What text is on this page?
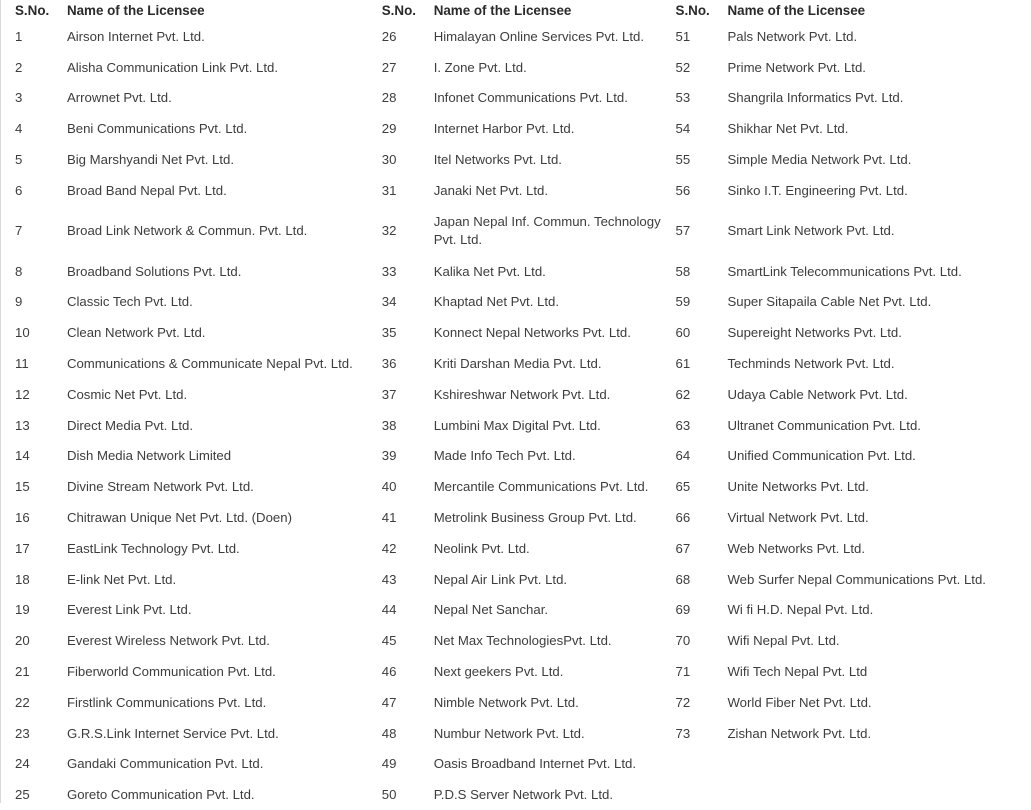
S.No.	Name of the Licensee	S.No.	Name of the Licensee	S.No.	Name of the Licensee
1	Airson Internet Pvt. Ltd.	26	Himalayan Online Services Pvt. Ltd.	51	Pals Network Pvt. Ltd.
2	Alisha Communication Link Pvt. Ltd.	27	I. Zone Pvt. Ltd.	52	Prime Network Pvt. Ltd.
3	Arrownet Pvt. Ltd.	28	Infonet Communications Pvt. Ltd.	53	Shangrila Informatics Pvt. Ltd.
4	Beni Communications Pvt. Ltd.	29	Internet Harbor Pvt. Ltd.	54	Shikhar Net Pvt. Ltd.
5	Big Marshyandi Net Pvt. Ltd.	30	Itel Networks Pvt. Ltd.	55	Simple Media Network Pvt. Ltd.
6	Broad Band Nepal Pvt. Ltd.	31	Janaki Net Pvt. Ltd.	56	Sinko I.T. Engineering Pvt. Ltd.
7	Broad Link Network & Commun. Pvt. Ltd.	32	Japan Nepal Inf. Commun. Technology Pvt. Ltd.	57	Smart Link Network Pvt. Ltd.
8	Broadband Solutions Pvt. Ltd.	33	Kalika Net Pvt. Ltd.	58	SmartLink Telecommunications Pvt. Ltd.
9	Classic Tech Pvt. Ltd.	34	Khaptad Net Pvt. Ltd.	59	Super Sitapaila Cable Net Pvt. Ltd.
10	Clean Network Pvt. Ltd.	35	Konnect Nepal Networks Pvt. Ltd.	60	Supereight Networks Pvt. Ltd.
11	Communications & Communicate Nepal Pvt. Ltd.	36	Kriti Darshan Media Pvt. Ltd.	61	Techminds Network Pvt. Ltd.
12	Cosmic Net Pvt. Ltd.	37	Kshireshwar Network Pvt. Ltd.	62	Udaya Cable Network Pvt. Ltd.
13	Direct Media Pvt. Ltd.	38	Lumbini Max Digital Pvt. Ltd.	63	Ultranet Communication Pvt. Ltd.
14	Dish Media Network Limited	39	Made Info Tech Pvt. Ltd.	64	Unified Communication Pvt. Ltd.
15	Divine Stream Network Pvt. Ltd.	40	Mercantile Communications Pvt. Ltd.	65	Unite Networks Pvt. Ltd.
16	Chitrawan Unique Net Pvt. Ltd. (Doen)	41	Metrolink Business Group Pvt. Ltd.	66	Virtual Network Pvt. Ltd.
17	EastLink Technology Pvt. Ltd.	42	Neolink Pvt. Ltd.	67	Web Networks Pvt. Ltd.
18	E-link Net Pvt. Ltd.	43	Nepal Air Link Pvt. Ltd.	68	Web Surfer Nepal Communications Pvt. Ltd.
19	Everest Link Pvt. Ltd.	44	Nepal Net Sanchar.	69	Wi fi H.D. Nepal Pvt. Ltd.
20	Everest Wireless Network Pvt. Ltd.	45	Net Max TechnologiesPvt. Ltd.	70	Wifi Nepal Pvt. Ltd.
21	Fiberworld Communication Pvt. Ltd.	46	Next geekers Pvt. Ltd.	71	Wifi Tech Nepal Pvt. Ltd
22	Firstlink Communications Pvt. Ltd.	47	Nimble Network Pvt. Ltd.	72	World Fiber Net Pvt. Ltd.
23	G.R.S.Link Internet Service Pvt. Ltd.	48	Numbur Network Pvt. Ltd.	73	Zishan Network Pvt. Ltd.
24	Gandaki Communication Pvt. Ltd.	49	Oasis Broadband Internet Pvt. Ltd.		
25	Goreto Communication Pvt. Ltd.	50	P.D.S Server Network Pvt. Ltd.		
